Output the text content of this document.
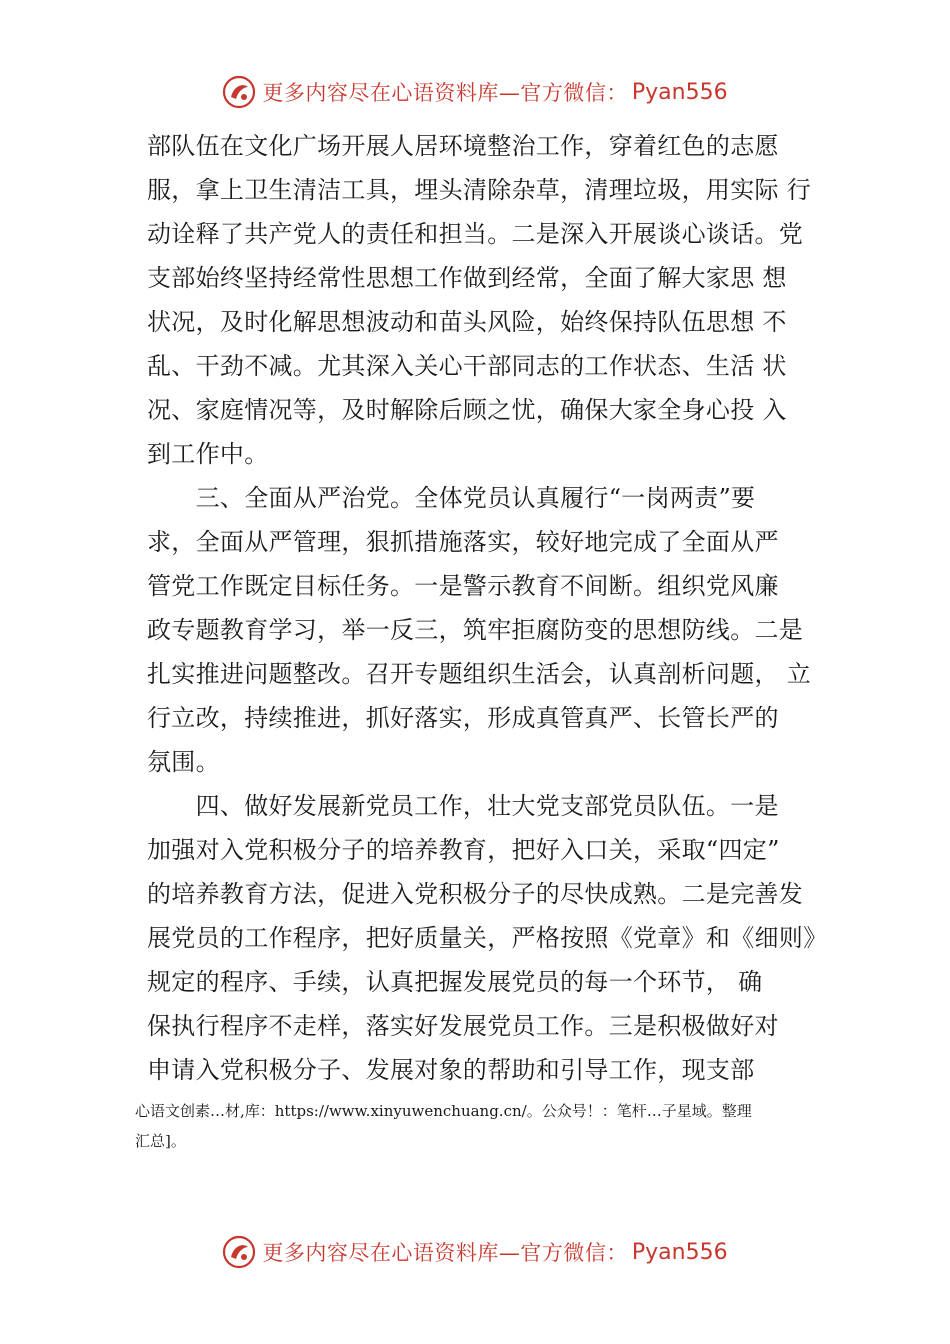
更多内容尽在心语资料库—官方微信： Pyan556
部队伍在文化广场开展人居环境整治工作，穿着红色的志愿
服，拿上卫生清洁工具，埋头清除杂草，清理垃圾，用实际 行
动诠释了共产党人的责任和担当。二是深入开展谈心谈话。党
支部始终坚持经常性思想工作做到经常，全面了解大家思 想
状况，及时化解思想波动和苗头风险，始终保持队伍思想 不
乱、干劲不减。尤其深入关心干部同志的工作状态、生活 状
况、家庭情况等，及时解除后顾之忧，确保大家全身心投 入
到工作中。
　　三、全面从严治党。全体党员认真履行“一岗两责”要
求，全面从严管理，狠抓措施落实，较好地完成了全面从严
管党工作既定目标任务。一是警示教育不间断。组织党风廉
政专题教育学习，举一反三，筑牢拒腐防变的思想防线。二是
扎实推进问题整改。召开专题组织生活会，认真剖析问题， 立
行立改，持续推进，抓好落实，形成真管真严、长管长严的
氛围。
　　四、做好发展新党员工作，壮大党支部党员队伍。一是
加强对入党积极分子的培养教育，把好入口关，采取“四定”
的培养教育方法，促进入党积极分子的尽快成熟。二是完善发
展党员的工作程序，把好质量关，严格按照《党章》和《细则》
规定的程序、手续，认真把握发展党员的每一个环节， 确
保执行程序不走样，落实好发展党员工作。三是积极做好对
申请入党积极分子、发展对象的帮助和引导工作，现支部
心语文创素…材,库：https://www.xinyuwenchuang.cn/。公众号！：笔杆…子星域。整理
汇总]。
更多内容尽在心语资料库—官方微信： Pyan556
